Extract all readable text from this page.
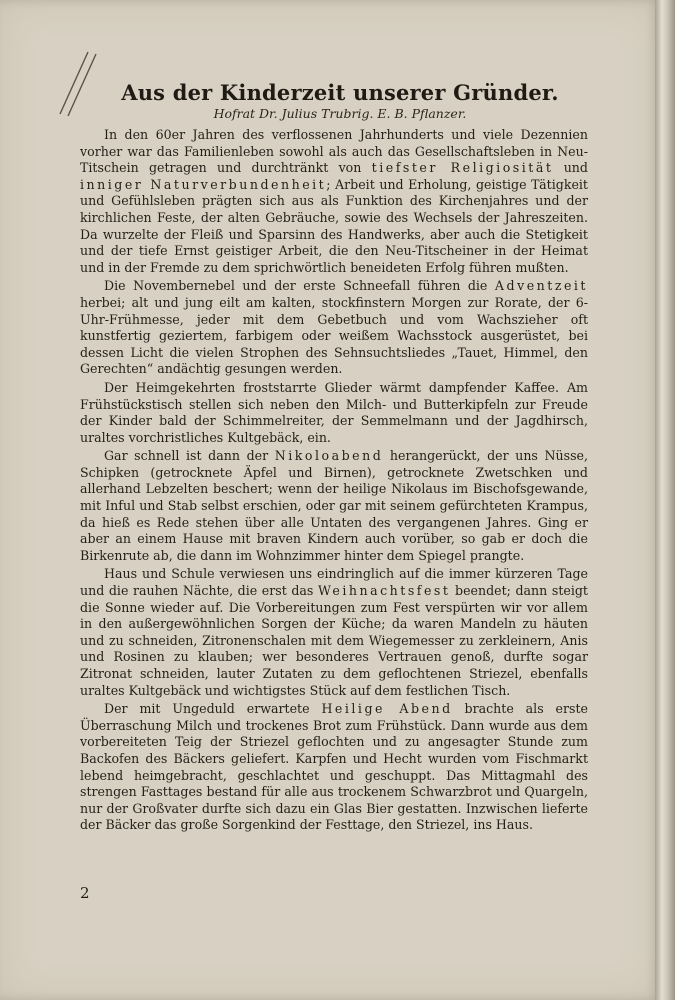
Aus der Kinderzeit unserer Gründer.
Hofrat Dr. Julius Trubrig. E. B. Pflanzer.

In den 60er Jahren des verflossenen Jahrhunderts und viele Dezennien vorher war das Familienleben sowohl als auch das Gesellschaftsleben in Neu-Titschein getragen und durchtränkt von tiefster Religiosität und inniger Naturverbundenheit; Arbeit und Erholung, geistige Tätigkeit und Gefühlsleben prägten sich aus als Funktion des Kirchenjahres und der kirchlichen Feste, der alten Gebräuche, sowie des Wechsels der Jahreszeiten. Da wurzelte der Fleiß und Sparsinn des Handwerks, aber auch die Stetigkeit und der tiefe Ernst geistiger Arbeit, die den Neu-Titscheiner in der Heimat und in der Fremde zu dem sprichwörtlich beneideten Erfolg führen mußten.

Die Novembernebel und der erste Schneefall führen die Adventzeit herbei; alt und jung eilt am kalten, stockfinstern Morgen zur Rorate, der 6-Uhr-Frühmesse, jeder mit dem Gebetbuch und vom Wachszieher oft kunstfertig geziertem, farbigem oder weißem Wachsstock ausgerüstet, bei dessen Licht die vielen Strophen des Sehnsuchtsliedes „Tauet, Himmel, den Gerechten“ andächtig gesungen werden.

Der Heimgekehrten froststarrte Glieder wärmt dampfender Kaffee. Am Frühstückstisch stellen sich neben den Milch- und Butterkipfeln zur Freude der Kinder bald der Schimmelreiter, der Semmelmann und der Jagdhirsch, uraltes vorchristliches Kultgebäck, ein.

Gar schnell ist dann der Nikoloabend herangerückt, der uns Nüsse, Schipken (getrocknete Äpfel und Birnen), getrocknete Zwetschken und allerhand Lebzelten beschert; wenn der heilige Nikolaus im Bischofsgewande, mit Inful und Stab selbst erschien, oder gar mit seinem gefürchteten Krampus, da hieß es Rede stehen über alle Untaten des vergangenen Jahres. Ging er aber an einem Hause mit braven Kindern auch vorüber, so gab er doch die Birkenrute ab, die dann im Wohnzimmer hinter dem Spiegel prangte.

Haus und Schule verwiesen uns eindringlich auf die immer kürzeren Tage und die rauhen Nächte, die erst das Weihnachtsfest beendet; dann steigt die Sonne wieder auf. Die Vorbereitungen zum Fest verspürten wir vor allem in den außergewöhnlichen Sorgen der Küche; da waren Mandeln zu häuten und zu schneiden, Zitronenschalen mit dem Wiegemesser zu zerkleinern, Anis und Rosinen zu klauben; wer besonderes Vertrauen genoß, durfte sogar Zitronat schneiden, lauter Zutaten zu dem geflochtenen Striezel, ebenfalls uraltes Kultgebäck und wichtigstes Stück auf dem festlichen Tisch.

Der mit Ungeduld erwartete Heilige Abend brachte als erste Überraschung Milch und trockenes Brot zum Frühstück. Dann wurde aus dem vorbereiteten Teig der Striezel geflochten und zu angesagter Stunde zum Backofen des Bäckers geliefert. Karpfen und Hecht wurden vom Fischmarkt lebend heimgebracht, geschlachtet und geschuppt. Das Mittagmahl des strengen Fasttages bestand für alle aus trockenem Schwarzbrot und Quargeln, nur der Großvater durfte sich dazu ein Glas Bier gestatten. Inzwischen lieferte der Bäcker das große Sorgenkind der Festtage, den Striezel, ins Haus.

2
